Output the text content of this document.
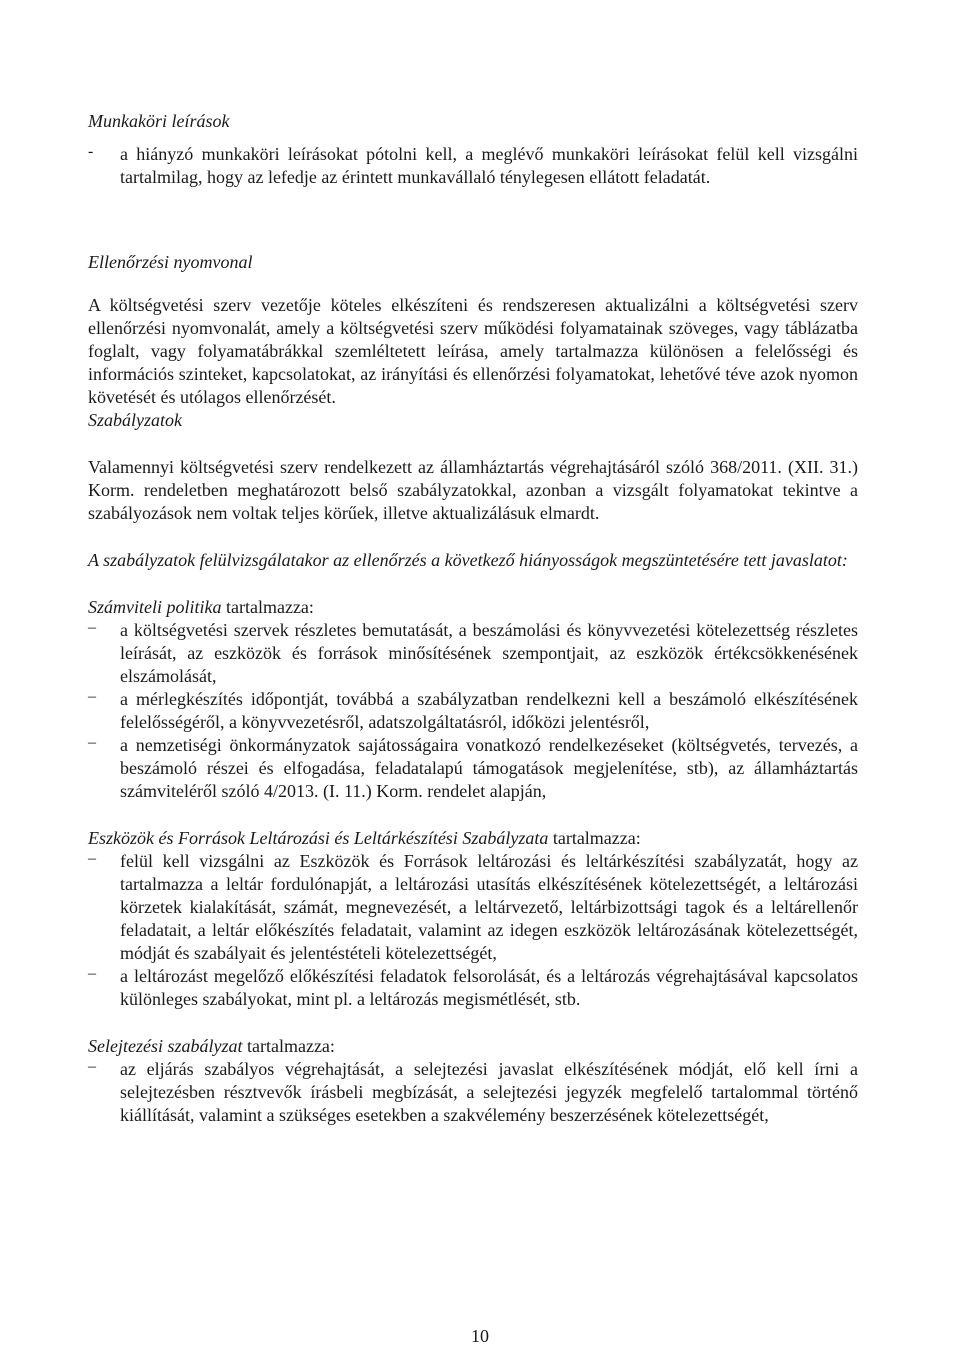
Munkaköri leírások

- a hiányzó munkaköri leírásokat pótolni kell, a meglévő munkaköri leírásokat felül kell vizsgálni tartalmilag, hogy az lefedje az érintett munkavállaló ténylegesen ellátott feladatát.

Ellenőrzési nyomvonal

A költségvetési szerv vezetője köteles elkészíteni és rendszeresen aktualizálni a költségvetési szerv ellenőrzési nyomvonalát, amely a költségvetési szerv működési folyamatainak szöveges, vagy táblázatba foglalt, vagy folyamatábrákkal szemléltetett leírása, amely tartalmazza különösen a felelősségi és információs szinteket, kapcsolatokat, az irányítási és ellenőrzési folyamatokat, lehetővé téve azok nyomon követését és utólagos ellenőrzését.

Szabályzatok

Valamennyi költségvetési szerv rendelkezett az államháztartás végrehajtásáról szóló 368/2011. (XII. 31.) Korm. rendeletben meghatározott belső szabályzatokkal, azonban a vizsgált folyamatokat tekintve a szabályozások nem voltak teljes körűek, illetve aktualizálásuk elmardt.

A szabályzatok felülvizsgálatakor az ellenőrzés a következő hiányosságok megszüntetésére tett javaslatot:

Számviteli politika tartalmazza:

– a költségvetési szervek részletes bemutatását, a beszámolási és könyvvezetési kötelezettség részletes leírását, az eszközök és források minősítésének szempontjait, az eszközök értékcsökkenésének elszámolását,

– a mérlegkészítés időpontját, továbbá a szabályzatban rendelkezni kell a beszámoló elkészítésének felelősségéről, a könyvvezetésről, adatszolgáltatásról, időközi jelentésről,

– a nemzetiségi önkormányzatok sajátosságaira vonatkozó rendelkezéseket (költségvetés, tervezés, a beszámoló részei és elfogadása, feladatalapú támogatások megjelenítése, stb), az államháztartás számviteléről szóló 4/2013. (I. 11.) Korm. rendelet alapján,

Eszközök és Források Leltározási és Leltárkészítési Szabályzata tartalmazza:

– felül kell vizsgálni az Eszközök és Források leltározási és leltárkészítési szabályzatát, hogy az tartalmazza a leltár fordulónapját, a leltározási utasítás elkészítésének kötelezettségét, a leltározási körzetek kialakítását, számát, megnevezését, a leltárvezető, leltárbizottsági tagok és a leltárellenőr feladatait, a leltár előkészítés feladatait, valamint az idegen eszközök leltározásának kötelezettségét, módját és szabályait és jelentéstételi kötelezettségét,

– a leltározást megelőző előkészítési feladatok felsorolását, és a leltározás végrehajtásával kapcsolatos különleges szabályokat, mint pl. a leltározás megismétlését, stb.

Selejtezési szabályzat tartalmazza:

– az eljárás szabályos végrehajtását, a selejtezési javaslat elkészítésének módját, elő kell írni a selejtezésben résztvevők írásbeli megbízását, a selejtezési jegyzék megfelelő tartalommal történő kiállítását, valamint a szükséges esetekben a szakvélemény beszerzésének kötelezettségét,

10
